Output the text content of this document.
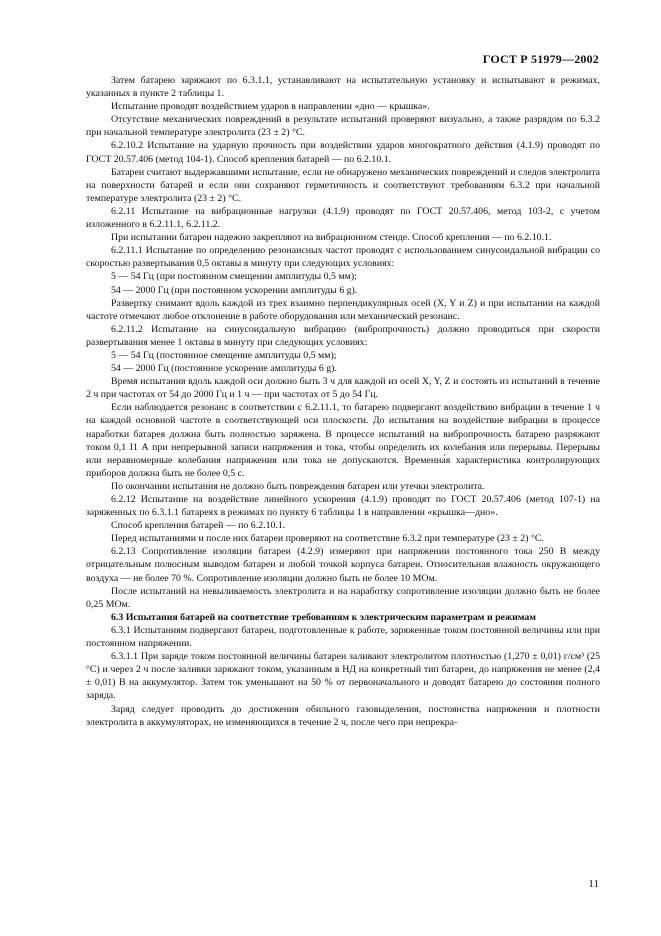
ГОСТ Р 51979—2002

Затем батарею заряжают по 6.3.1.1, устанавливают на испытательную установку и испытывают в режимах, указанных в пункте 2 таблицы 1.

Испытание проводят воздействием ударов в направлении «дно — крышка».

Отсутствие механических повреждений в результате испытаний проверяют визуально, а также разрядом по 6.3.2 при начальной температуре электролита (23 ± 2) °С.

6.2.10.2 Испытание на ударную прочность при воздействии ударов многократного действия (4.1.9) проводят по ГОСТ 20.57.406 (метод 104-1). Способ крепления батарей — по 6.2.10.1.

Батареи считают выдержавшими испытание, если не обнаружено механических повреждений и следов электролита на поверхности батарей и если они сохраняют герметичность и соответствуют требованиям 6.3.2 при начальной температуре электролита (23 ± 2) °С.

6.2.11 Испытание на вибрационные нагрузки (4.1.9) проводят по ГОСТ 20.57.406, метод 103-2, с учетом изложенного в 6.2.11.1, 6.2.11.2.

При испытании батареи надежно закрепляют на вибрационном стенде. Способ крепления — по 6.2.10.1.

6.2.11.1 Испытание по определению резонансных частот проводят с использованием синусоидальной вибрации со скоростью развертывания 0,5 октавы в минуту при следующих условиях:

5 — 54 Гц (при постоянном смещении амплитуды 0,5 мм);

54 — 2000 Гц (при постоянном ускорении амплитуды 6 g).

Развертку снимают вдоль каждой из трех взаимно перпендикулярных осей (X, Y и Z) и при испытании на каждой частоте отмечают любое отклонение в работе оборудования или механический резонанс.

6.2.11.2 Испытание на синусоидальную вибрацию (вибропрочность) должно проводиться при скорости развертывания менее 1 октавы в минуту при следующих условиях:

5 — 54 Гц (постоянное смещение амплитуды 0,5 мм);

54 — 2000 Гц (постоянное ускорение амплитуды 6 g).

Время испытания вдоль каждой оси должно быть 3 ч для каждой из осей X, Y, Z и состоять из испытаний в течение 2 ч при частотах от 54 до 2000 Гц и 1 ч — при частотах от 5 до 54 Гц.

Если наблюдается резонанс в соответствии с 6.2.11.1, то батарею подвергают воздействию вибрации в течение 1 ч на каждой основной частоте в соответствующей оси плоскости. До испытания на воздействие вибрации в процессе наработки батарея должна быть полностью заряжена. В процессе испытаний на вибропрочность батарею разряжают током 0,1 I1 А при непрерывной записи напряжения и тока, чтобы определить их колебания или перерывы. Перерывы или неравномерные колебания напряжения или тока не допускаются. Временна́я характеристика контролирующих приборов должна быть не более 0,5 с.

По окончании испытания не должно быть повреждения батареи или утечки электролита.

6.2.12 Испытание на воздействие линейного ускорения (4.1.9) проводят по ГОСТ 20.57.406 (метод 107-1) на заряженных по 6.3.1.1 батареях в режимах по пункту 6 таблицы 1 в направлении «крышка—дно».

Способ крепления батарей — по 6.2.10.1.

Перед испытаниями и после них батареи проверяют на соответствие 6.3.2 при температуре (23 ± 2) °С.

6.2.13 Сопротивление изоляции батареи (4.2.9) измеряют при напряжении постоянного тока 250 В между отрицательным полюсным выводом батареи и любой точкой корпуса батареи. Относительная влажность окружающего воздуха — не более 70 %. Сопротивление изоляции должно быть не более 10 МОм.

После испытаний на невыливаемость электролита и на наработку сопротивление изоляции должно быть не более 0,25 МОм.

6.3 Испытания батарей на соответствие требованиям к электрическим параметрам и режимам

6.3.1 Испытаниям подвергают батареи, подготовленные к работе, заряженные током постоянной величины или при постоянном напряжении.

6.3.1.1 При заряде током постоянной величины батареи заливают электролитом плотностью (1,270 ± 0,01) г/см³ (25 °С) и через 2 ч после заливки заряжают током, указанным в НД на конкретный тип батареи, до напряжения не менее (2,4 ± 0,01) В на аккумулятор. Затем ток уменьшают на 50 % от первоначального и доводят батарею до состояния полного заряда.

Заряд следует проводить до достижения обильного газовыделения, постоянства напряжения и плотности электролита в аккумуляторах, не изменяющихся в течение 2 ч, после чего при непрекра-

11
